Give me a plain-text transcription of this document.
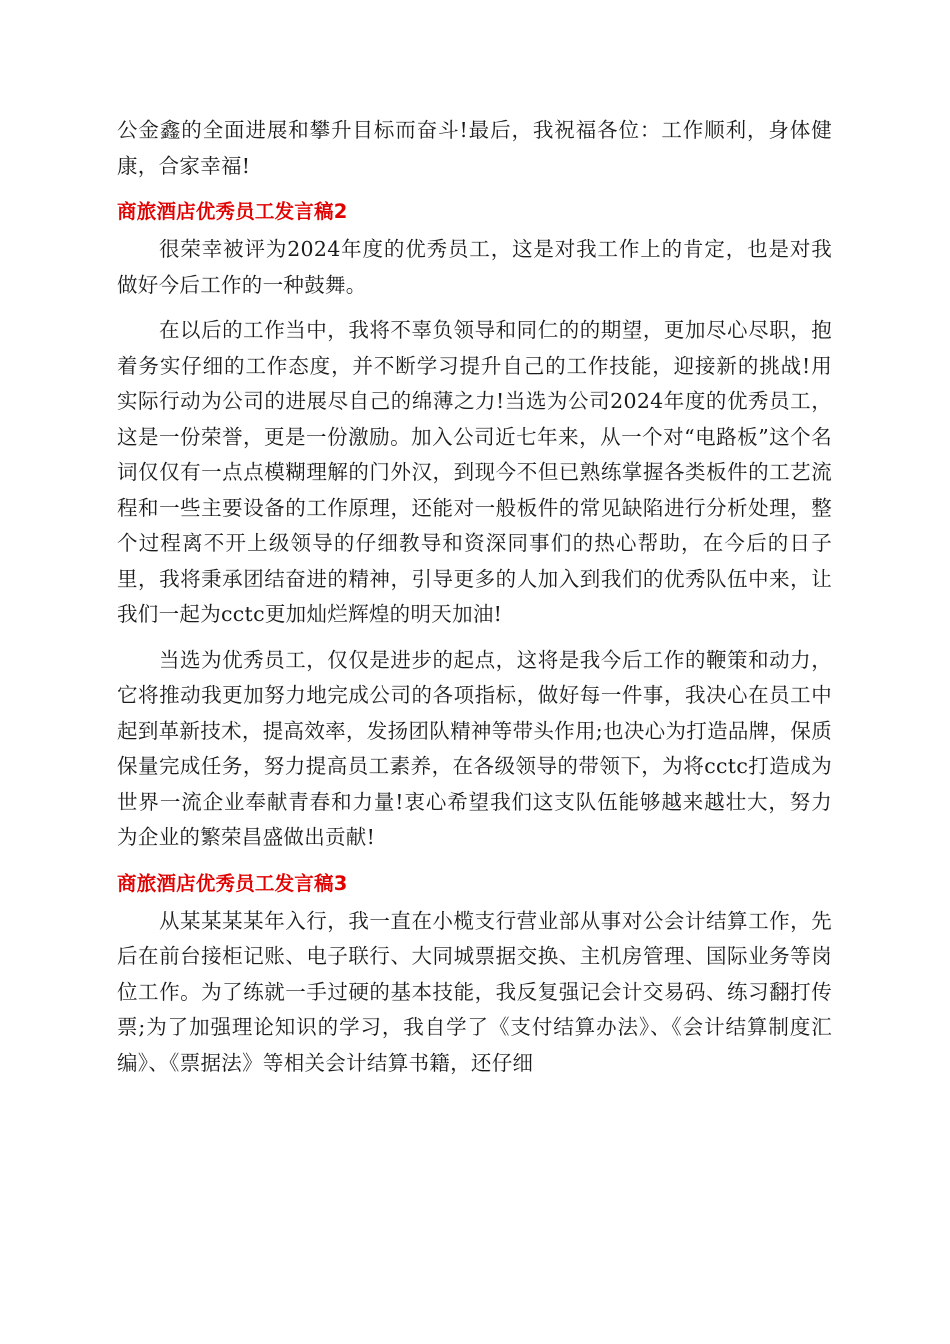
公金鑫的全面进展和攀升目标而奋斗!最后，我祝福各位：工作顺利，身体健康，合家幸福!

商旅酒店优秀员工发言稿2

很荣幸被评为2024年度的优秀员工，这是对我工作上的肯定，也是对我做好今后工作的一种鼓舞。

在以后的工作当中，我将不辜负领导和同仁的的期望，更加尽心尽职，抱着务实仔细的工作态度，并不断学习提升自己的工作技能，迎接新的挑战!用实际行动为公司的进展尽自己的绵薄之力!当选为公司2024年度的优秀员工，这是一份荣誉，更是一份激励。加入公司近七年来，从一个对“电路板”这个名词仅仅有一点点模糊理解的门外汉，到现今不但已熟练掌握各类板件的工艺流程和一些主要设备的工作原理，还能对一般板件的常见缺陷进行分析处理，整个过程离不开上级领导的仔细教导和资深同事们的热心帮助，在今后的日子里，我将秉承团结奋进的精神，引导更多的人加入到我们的优秀队伍中来，让我们一起为cctc更加灿烂辉煌的明天加油!

当选为优秀员工，仅仅是进步的起点，这将是我今后工作的鞭策和动力，它将推动我更加努力地完成公司的各项指标，做好每一件事，我决心在员工中起到革新技术，提高效率，发扬团队精神等带头作用;也决心为打造品牌，保质保量完成任务，努力提高员工素养，在各级领导的带领下，为将cctc打造成为世界一流企业奉献青春和力量!衷心希望我们这支队伍能够越来越壮大，努力为企业的繁荣昌盛做出贡献!

商旅酒店优秀员工发言稿3

从某某某某年入行，我一直在小榄支行营业部从事对公会计结算工作，先后在前台接柜记账、电子联行、大同城票据交换、主机房管理、国际业务等岗位工作。为了练就一手过硬的基本技能，我反复强记会计交易码、练习翻打传票;为了加强理论知识的学习，我自学了《支付结算办法》、《会计结算制度汇编》、《票据法》等相关会计结算书籍，还仔细
